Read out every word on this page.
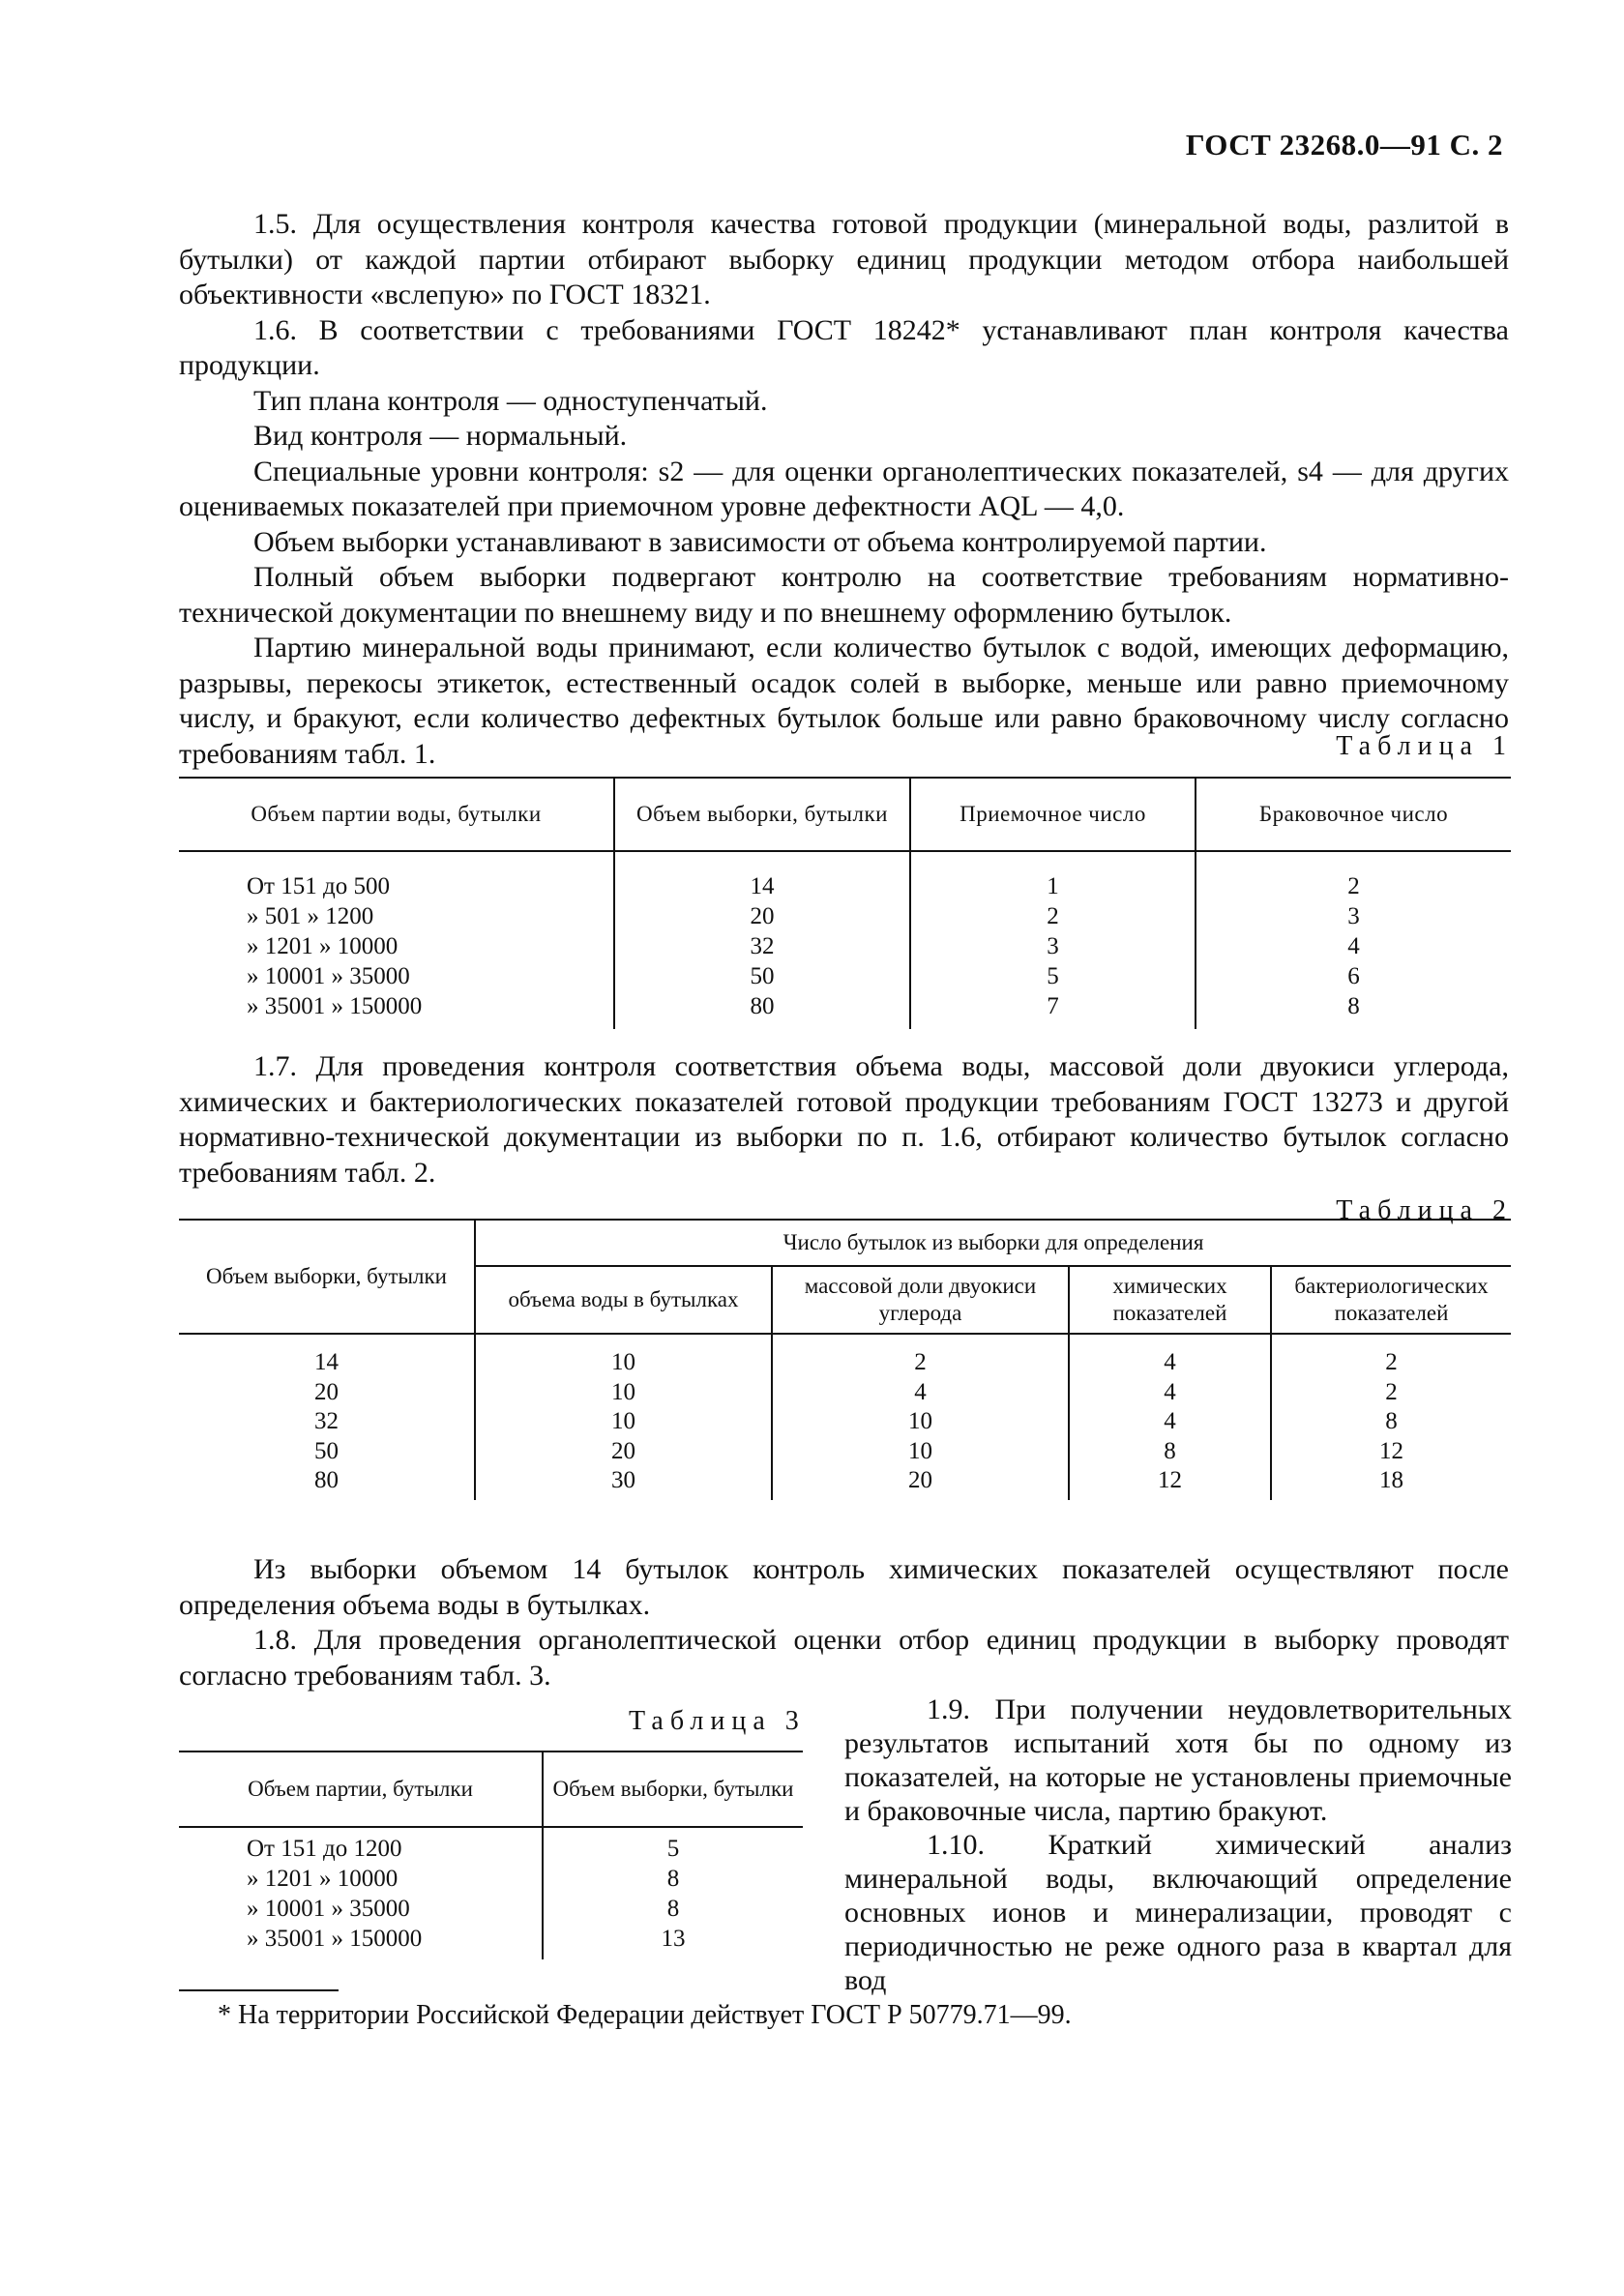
ГОСТ 23268.0—91 С. 2

1.5. Для осуществления контроля качества готовой продукции (минеральной воды, разлитой в бутылки) от каждой партии отбирают выборку единиц продукции методом отбора наибольшей объективности «вслепую» по ГОСТ 18321.

1.6. В соответствии с требованиями ГОСТ 18242* устанавливают план контроля качества продукции.

Тип плана контроля — одноступенчатый.

Вид контроля — нормальный.

Специальные уровни контроля: s2 — для оценки органолептических показателей, s4 — для других оцениваемых показателей при приемочном уровне дефектности AQL — 4,0.

Объем выборки устанавливают в зависимости от объема контролируемой партии.

Полный объем выборки подвергают контролю на соответствие требованиям нормативно-технической документации по внешнему виду и по внешнему оформлению бутылок.

Партию минеральной воды принимают, если количество бутылок с водой, имеющих деформацию, разрывы, перекосы этикеток, естественный осадок солей в выборке, меньше или равно приемочному числу, и бракуют, если количество дефектных бутылок больше или равно браковочному числу согласно требованиям табл. 1.	Таблица 1
Объем партии воды, бутылки	Объем выборки, бутылки	Приемочное число	Браковочное число
От 151 до 500	14	1	2
» 501 » 1200	20	2	3
» 1201 » 10000	32	3	4
» 10001 » 35000	50	5	6
» 35001 » 150000	80	7	8

1.7. Для проведения контроля соответствия объема воды, массовой доли двуокиси углерода, химических и бактериологических показателей готовой продукции требованиям ГОСТ 13273 и другой нормативно-технической документации из выборки по п. 1.6, отбирают количество бутылок согласно требованиям табл. 2.

Таблица 2
Объем выборки, бутылки	Число бутылок из выборки для определения			
	объема воды в бутылках	массовой доли двуокиси углерода	химических показателей	бактериологических показателей
14	10	2	4	2
20	10	4	4	2
32	10	10	4	8
50	20	10	8	12
80	30	20	12	18

Из выборки объемом 14 бутылок контроль химических показателей осуществляют после определения объема воды в бутылках.

1.8. Для проведения органолептической оценки отбор единиц продукции в выборку проводят согласно требованиям табл. 3.

Таблица 3
Объем партии, бутылки	Объем выборки, бутылки
От 151 до 1200	5
» 1201 » 10000	8
» 10001 » 35000	8
» 35001 » 150000	13

1.9. При получении неудовлетворительных результатов испытаний хотя бы по одному из показателей, на которые не установлены приемочные и браковочные числа, партию бракуют.

1.10. Краткий химический анализ минеральной воды, включающий определение основных ионов и минерализации, проводят с периодичностью не реже одного раза в квартал для вод

* На территории Российской Федерации действует ГОСТ Р 50779.71—99.
